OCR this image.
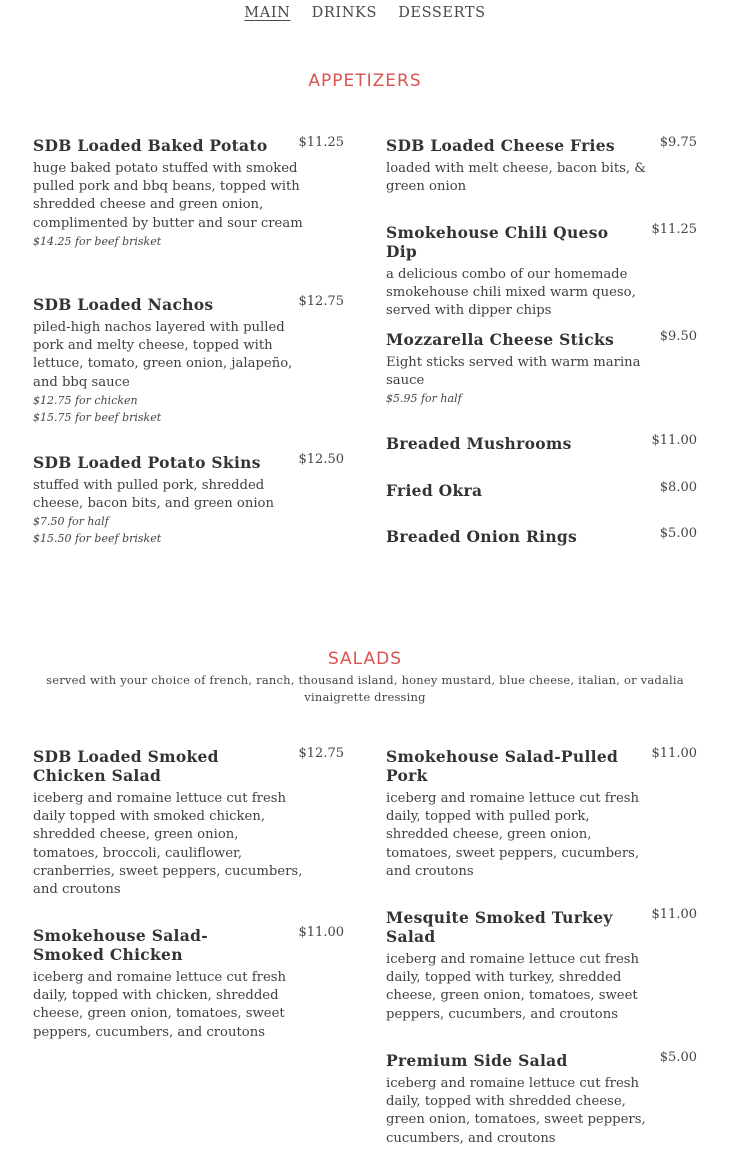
MAIN DRINKS DESSERTS
APPETIZERS
SDB Loaded Baked Potato	$11.25
huge baked potato stuffed with smoked pulled pork and bbq beans, topped with shredded cheese and green onion, complimented by butter and sour cream
$14.25 for beef brisket
SDB Loaded Nachos	$12.75
piled-high nachos layered with pulled pork and melty cheese, topped with lettuce, tomato, green onion, jalapeño, and bbq sauce
$12.75 for chicken
$15.75 for beef brisket
SDB Loaded Potato Skins	$12.50
stuffed with pulled pork, shredded cheese, bacon bits, and green onion
$7.50 for half
$15.50 for beef brisket
SDB Loaded Cheese Fries	$9.75
loaded with melt cheese, bacon bits, & green onion
Smokehouse Chili Queso Dip
$11.25
a delicious combo of our homemade smokehouse chili mixed warm queso, served with dipper chips
Mozzarella Cheese Sticks	$9.50
Eight sticks served with warm marina sauce
$5.95 for half
Breaded Mushrooms	$11.00
Fried Okra	$8.00
Breaded Onion Rings	$5.00
SALADS
served with your choice of french, ranch, thousand island, honey mustard, blue cheese, italian, or vadalia vinaigrette dressing
SDB Loaded Smoked Chicken Salad
$12.75
iceberg and romaine lettuce cut fresh daily topped with smoked chicken, shredded cheese, green onion, tomatoes, broccoli, cauliflower, cranberries, sweet peppers, cucumbers, and croutons
Smokehouse Salad-Smoked Chicken
$11.00
iceberg and romaine lettuce cut fresh daily, topped with chicken, shredded cheese, green onion, tomatoes, sweet peppers, cucumbers, and croutons
Smokehouse Salad-Pulled Pork
$11.00
iceberg and romaine lettuce cut fresh daily, topped with pulled pork, shredded cheese, green onion, tomatoes, sweet peppers, cucumbers, and croutons
Mesquite Smoked Turkey Salad
$11.00
iceberg and romaine lettuce cut fresh daily, topped with turkey, shredded cheese, green onion, tomatoes, sweet peppers, cucumbers, and croutons
Premium Side Salad	$5.00
iceberg and romaine lettuce cut fresh daily, topped with shredded cheese, green onion, tomatoes, sweet peppers, cucumbers, and croutons
